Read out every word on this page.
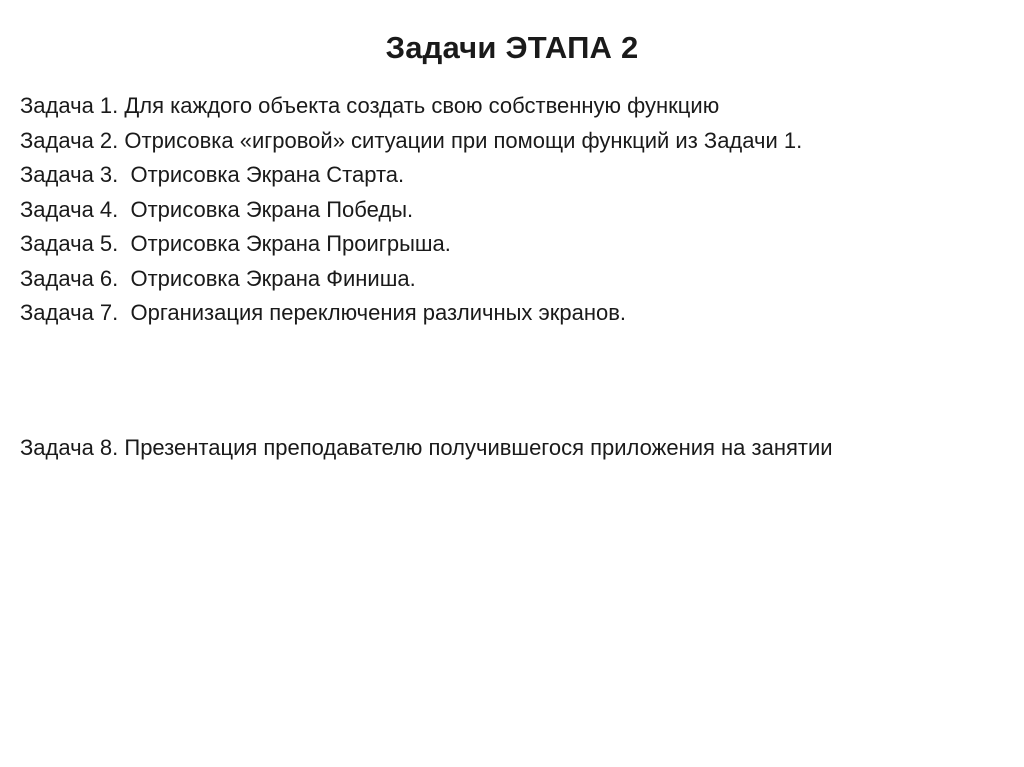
Задачи ЭТАПА 2
Задача 1. Для каждого объекта создать свою собственную функцию
Задача 2. Отрисовка «игровой» ситуации при помощи функций из Задачи 1.
Задача 3.  Отрисовка Экрана Старта.
Задача 4.  Отрисовка Экрана Победы.
Задача 5.  Отрисовка Экрана Проигрыша.
Задача 6.  Отрисовка Экрана Финиша.
Задача 7.  Организация переключения различных экранов.
Задача 8. Презентация преподавателю получившегося приложения на занятии
